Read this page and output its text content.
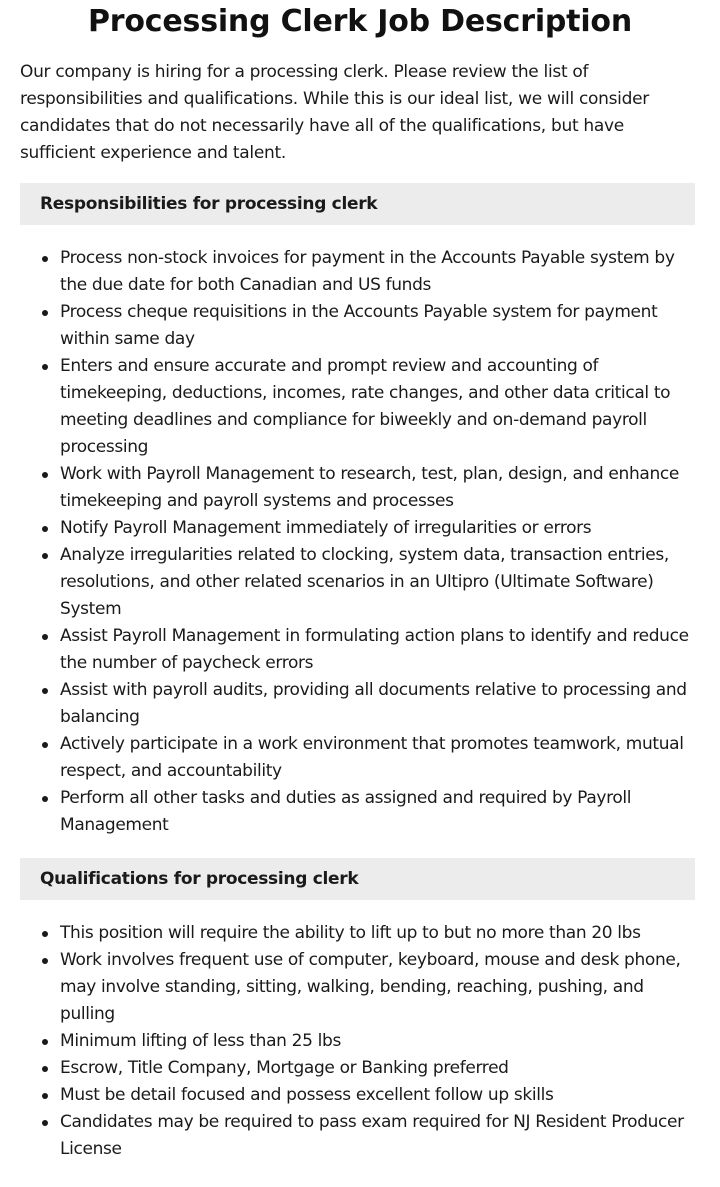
Processing Clerk Job Description

Our company is hiring for a processing clerk. Please review the list of responsibilities and qualifications. While this is our ideal list, we will consider candidates that do not necessarily have all of the qualifications, but have sufficient experience and talent.

Responsibilities for processing clerk
Process non-stock invoices for payment in the Accounts Payable system by the due date for both Canadian and US funds
Process cheque requisitions in the Accounts Payable system for payment within same day
Enters and ensure accurate and prompt review and accounting of timekeeping, deductions, incomes, rate changes, and other data critical to meeting deadlines and compliance for biweekly and on-demand payroll processing
Work with Payroll Management to research, test, plan, design, and enhance timekeeping and payroll systems and processes
Notify Payroll Management immediately of irregularities or errors
Analyze irregularities related to clocking, system data, transaction entries, resolutions, and other related scenarios in an Ultipro (Ultimate Software) System
Assist Payroll Management in formulating action plans to identify and reduce the number of paycheck errors
Assist with payroll audits, providing all documents relative to processing and balancing
Actively participate in a work environment that promotes teamwork, mutual respect, and accountability
Perform all other tasks and duties as assigned and required by Payroll Management
Qualifications for processing clerk
This position will require the ability to lift up to but no more than 20 lbs
Work involves frequent use of computer, keyboard, mouse and desk phone, may involve standing, sitting, walking, bending, reaching, pushing, and pulling
Minimum lifting of less than 25 lbs
Escrow, Title Company, Mortgage or Banking preferred
Must be detail focused and possess excellent follow up skills
Candidates may be required to pass exam required for NJ Resident Producer License
